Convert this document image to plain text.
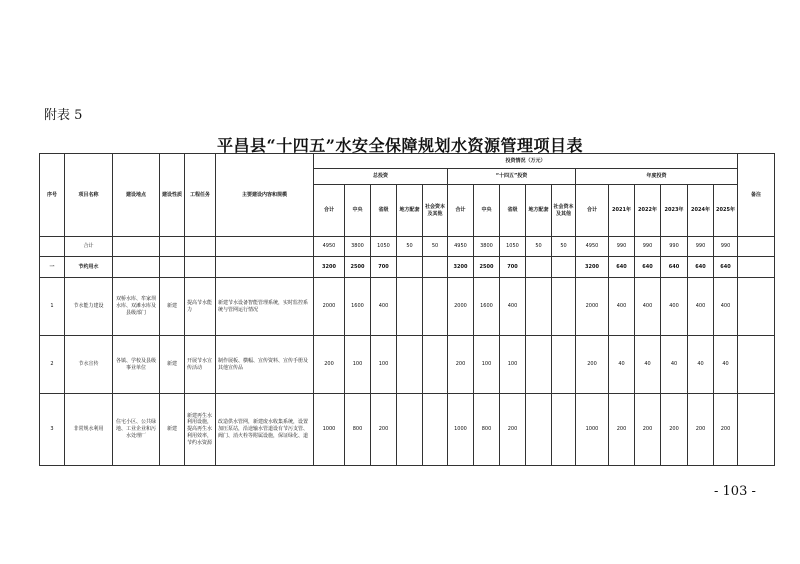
附表 5
平昌县“十四五”水安全保障规划水资源管理项目表
序号	项目名称	建设地点	建设性质	工程任务	主要建设内容和规模	投资情况（万元）																备注
						总投资					“十四五”投资					年度投资						
						合计	中央	省级	地方配套	社会资本及其他	合计	中央	省级	地方配套	社会资本及其他	合计	2021年	2022年	2023年	2024年	2025年	
	合计					4950	3800	1050	50	50	4950	3800	1050	50	50	4950	990	990	990	990	990	
一	节约用水					3200	2500	700			3200	2500	700			3200	640	640	640	640	640	
1	节水能力建设	双桥水库、牟家坝水库、双滩水库及县级部门	新建	提高节水能力	新建节水设备智能管理系统，实时监控系统与管网运行情况	2000	1600	400			2000	1600	400			2000	400	400	400	400	400	
2	节水宣传	各镇、学校及县级事业单位	新建	开展节水宣传活动	制作展板、横幅、宣传资料、宣传手册及其他宣传品	200	100	100			200	100	100			200	40	40	40	40	40	
3	非常规水利用	住宅小区、公共绿地、工业企业和污水处理厂	新建	新建再生水利用设施，提高再生水利用效率，节约水资源	改造供水管网，新建废水收集系统，设置加压泵站，沿途输水管道设有节污支管、阀门、消火栓等附属设施，保证绿化、道	1000	800	200			1000	800	200			1000	200	200	200	200	200	
- 103 -
